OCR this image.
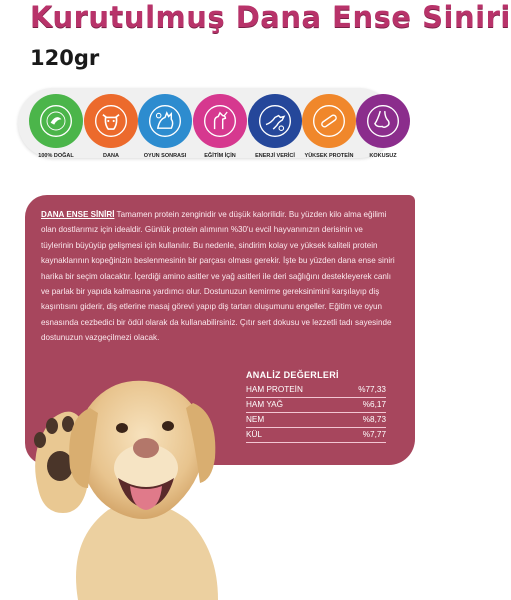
Kurutulmuş Dana Ense Siniri
120gr
100% DOĞAL	DANA	OYUN SONRASI	EĞİTİM İÇİN	ENERJİ VERİCİ	YÜKSEK PROTEİN	KOKUSUZ
DANA ENSE SİNİRİ Tamamen protein zenginidir ve düşük kalorilidir. Bu yüzden kilo alma eğilimi olan dostlarımız için idealdir. Günlük protein alımının %30'u evcil hayvanınızın derisinin ve tüylerinin büyüyüp gelişmesi için kullanılır. Bu nedenle, sindirim kolay ve yüksek kaliteli protein kaynaklarının kopeğinizin beslenmesinin bir parçası olması gerekir. İşte bu yüzden dana ense siniri harika bir seçim olacaktır. İçerdiği amino asitler ve yağ asitleri ile deri sağlığını destekleyerek canlı ve parlak bir yapıda kalmasına yardımcı olur. Dostunuzun kemirme gereksinimini karşılayıp diş kaşıntısını giderir, diş etlerine masaj görevi yapıp diş tartarı oluşumunu engeller. Eğitim ve oyun esnasında cezbedici bir ödül olarak da kullanabilirsiniz. Çıtır sert dokusu ve lezzetli tadı sayesinde dostunuzun vazgeçilmezi olacak.
ANALİZ DEĞERLERİ
HAM PROTEİN	%77,33
HAM YAĞ	%6,17
NEM	%8,73
KÜL	%7,77
